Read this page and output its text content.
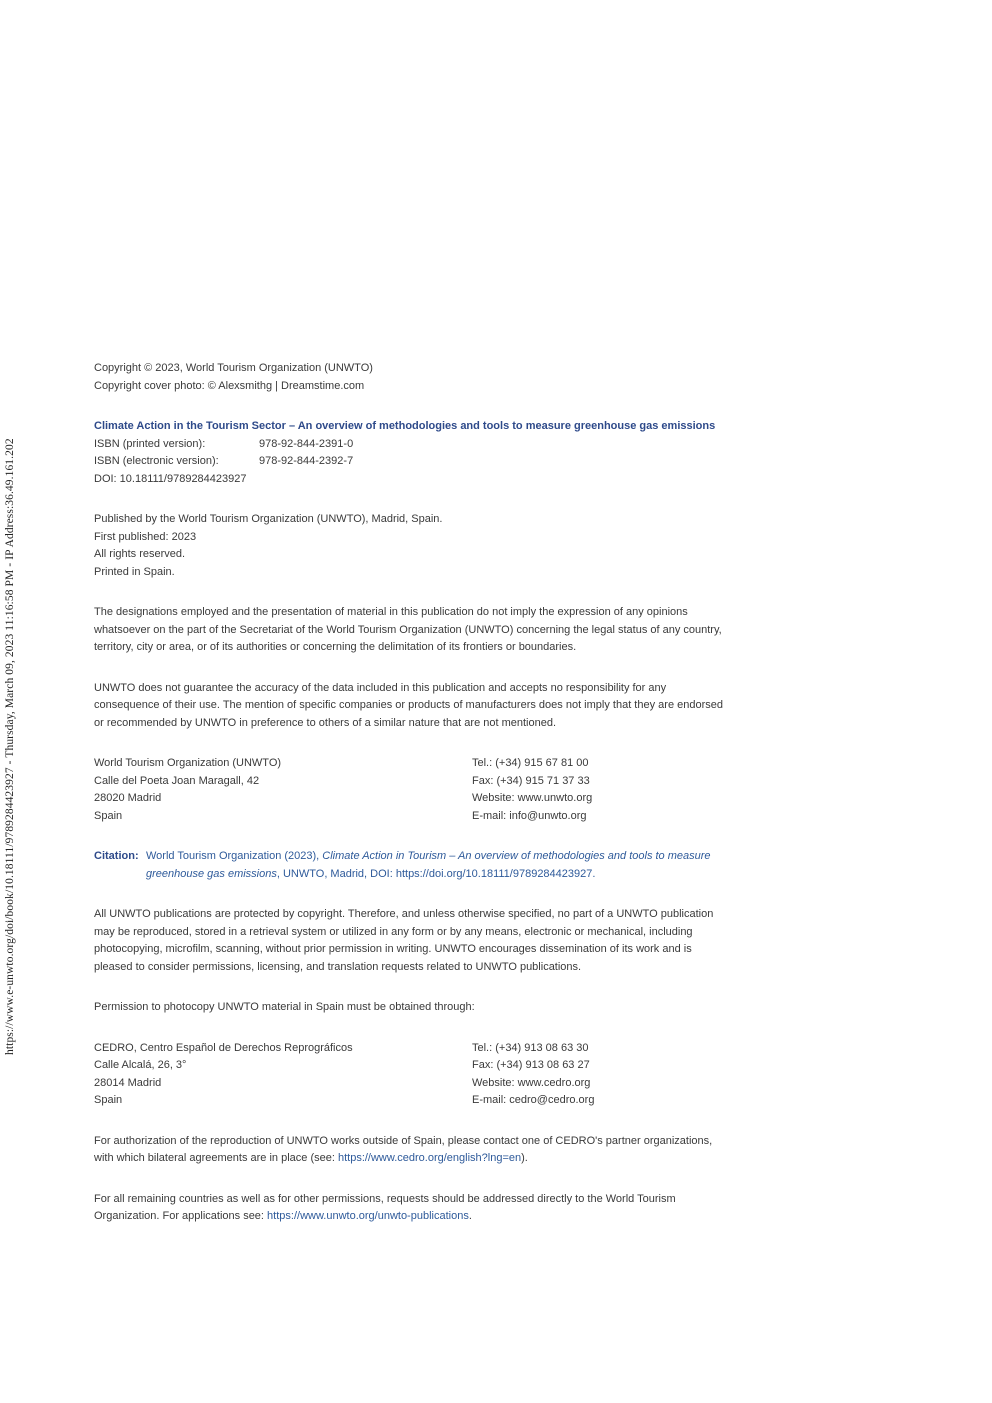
https://www.e-unwto.org/doi/book/10.18111/9789284423927 - Thursday, March 09, 2023 11:16:58 PM - IP Address:36.49.161.202
Copyright © 2023, World Tourism Organization (UNWTO)
Copyright cover photo: © Alexsmithg | Dreamstime.com
Climate Action in the Tourism Sector – An overview of methodologies and tools to measure greenhouse gas emissions
ISBN (printed version):	978-92-844-2391-0
ISBN (electronic version):	978-92-844-2392-7
DOI: 10.18111/9789284423927
Published by the World Tourism Organization (UNWTO), Madrid, Spain.
First published: 2023
All rights reserved.
Printed in Spain.

The designations employed and the presentation of material in this publication do not imply the expression of any opinions whatsoever on the part of the Secretariat of the World Tourism Organization (UNWTO) concerning the legal status of any country, territory, city or area, or of its authorities or concerning the delimitation of its frontiers or boundaries.

UNWTO does not guarantee the accuracy of the data included in this publication and accepts no responsibility for any consequence of their use. The mention of specific companies or products of manufacturers does not imply that they are endorsed or recommended by UNWTO in preference to others of a similar nature that are not mentioned.

World Tourism Organization (UNWTO)
Calle del Poeta Joan Maragall, 42
28020 Madrid
Spain
Tel.: (+34) 915 67 81 00
Fax: (+34) 915 71 37 33
Website: www.unwto.org
E-mail: info@unwto.org
Citation: World Tourism Organization (2023), Climate Action in Tourism – An overview of methodologies and tools to measure greenhouse gas emissions, UNWTO, Madrid, DOI: https://doi.org/10.18111/9789284423927.

All UNWTO publications are protected by copyright. Therefore, and unless otherwise specified, no part of a UNWTO publication may be reproduced, stored in a retrieval system or utilized in any form or by any means, electronic or mechanical, including photocopying, microfilm, scanning, without prior permission in writing. UNWTO encourages dissemination of its work and is pleased to consider permissions, licensing, and translation requests related to UNWTO publications.

Permission to photocopy UNWTO material in Spain must be obtained through:

CEDRO, Centro Español de Derechos Reprográficos
Calle Alcalá, 26, 3°
28014 Madrid
Spain
Tel.: (+34) 913 08 63 30
Fax: (+34) 913 08 63 27
Website: www.cedro.org
E-mail: cedro@cedro.org

For authorization of the reproduction of UNWTO works outside of Spain, please contact one of CEDRO's partner organizations, with which bilateral agreements are in place (see: https://www.cedro.org/english?lng=en).

For all remaining countries as well as for other permissions, requests should be addressed directly to the World Tourism Organization. For applications see: https://www.unwto.org/unwto-publications.
